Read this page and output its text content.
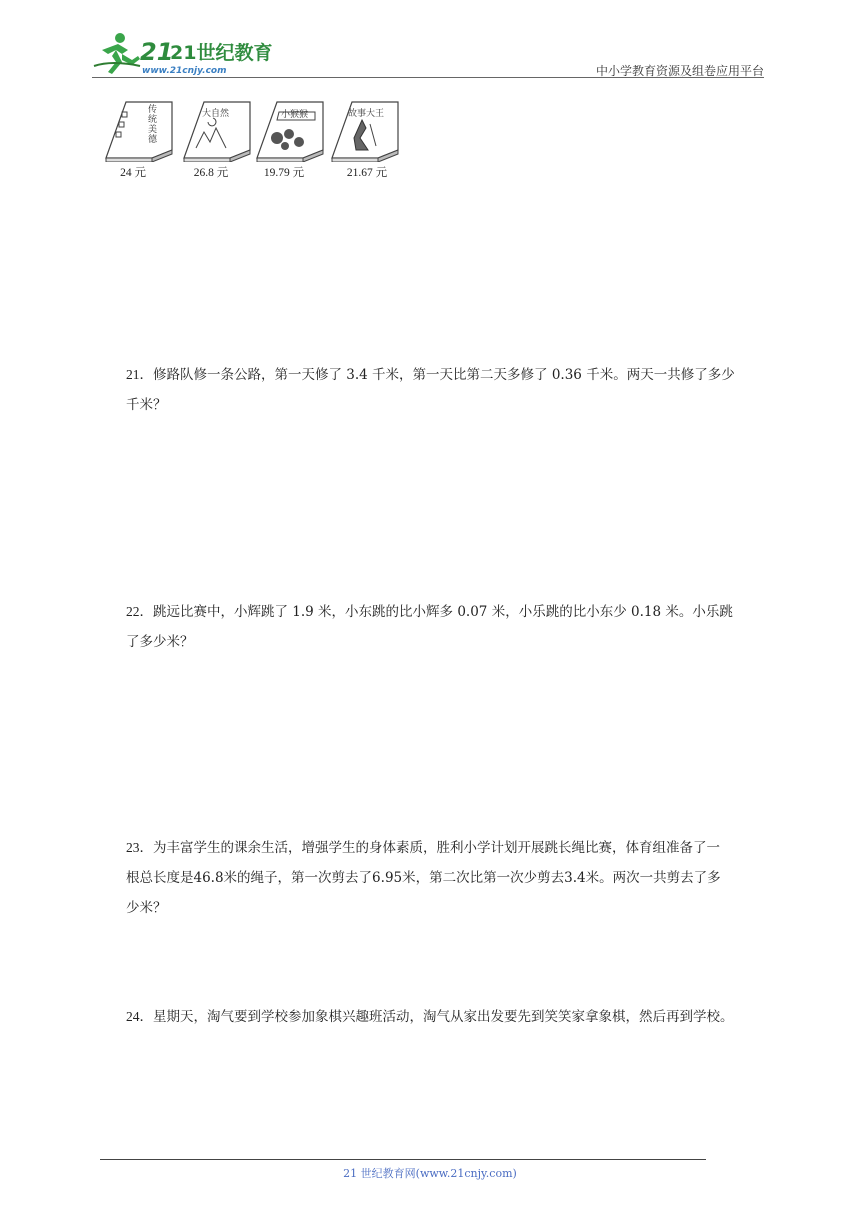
21
21世纪教育
www.21cnjy.com	中小学教育资源及组卷应用平台
传统美德
24 元
大自然
26.8 元
小猴猴
19.79 元
故事大王
21.67 元
21．修路队修一条公路，第一天修了 3.4 千米，第一天比第二天多修了 0.36 千米。两天一共修了多少
千米？
22．跳远比赛中，小辉跳了 1.9 米，小东跳的比小辉多 0.07 米，小乐跳的比小东少 0.18 米。小乐跳
了多少米？
23．为丰富学生的课余生活，增强学生的身体素质，胜利小学计划开展跳长绳比赛，体育组准备了一
根总长度是46.8米的绳子，第一次剪去了6.95米，第二次比第一次少剪去3.4米。两次一共剪去了多
少米？
24．星期天，淘气要到学校参加象棋兴趣班活动，淘气从家出发要先到笑笑家拿象棋，然后再到学校。
21 世纪教育网(www.21cnjy.com)
